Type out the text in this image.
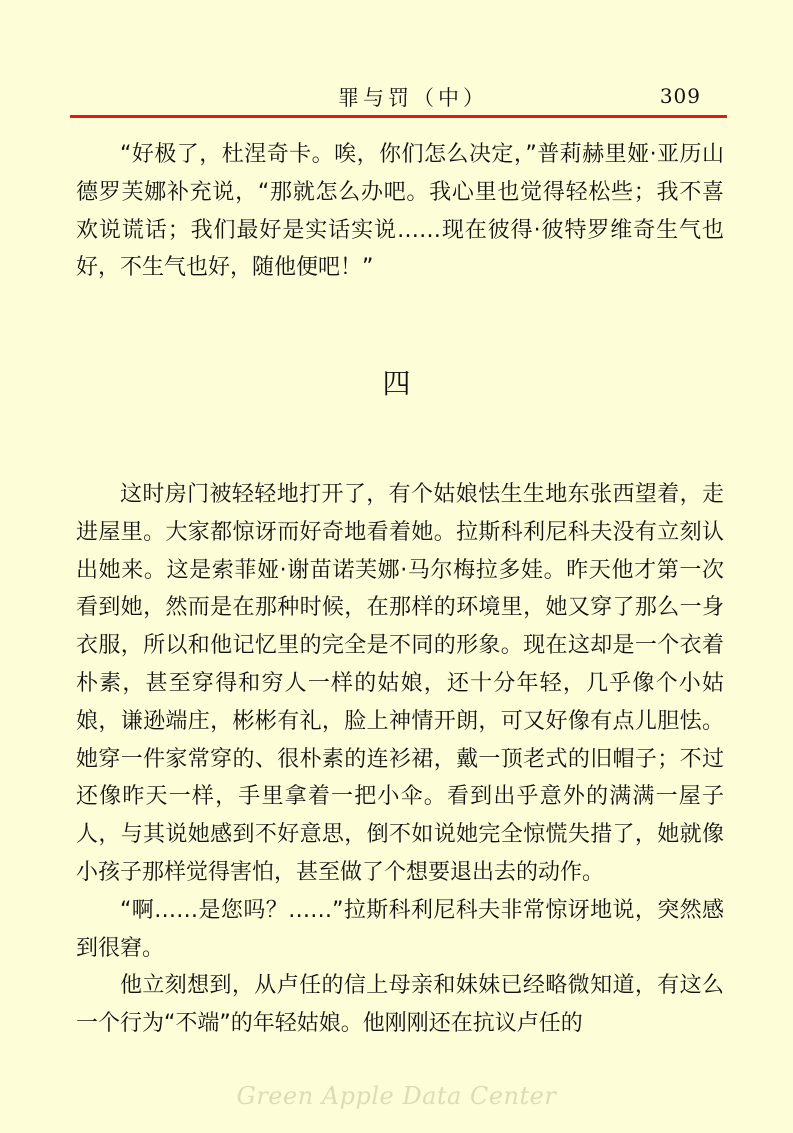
罪与罚（中）	309

“好极了，杜涅奇卡。唉，你们怎么决定，”普莉赫里娅·亚历山德罗芙娜补充说，“那就怎么办吧。我心里也觉得轻松些；我不喜欢说谎话；我们最好是实话实说……现在彼得·彼特罗维奇生气也好，不生气也好，随他便吧！”

四

这时房门被轻轻地打开了，有个姑娘怯生生地东张西望着，走进屋里。大家都惊讶而好奇地看着她。拉斯科利尼科夫没有立刻认出她来。这是索菲娅·谢苗诺芙娜·马尔梅拉多娃。昨天他才第一次看到她，然而是在那种时候，在那样的环境里，她又穿了那么一身衣服，所以和他记忆里的完全是不同的形象。现在这却是一个衣着朴素，甚至穿得和穷人一样的姑娘，还十分年轻，几乎像个小姑娘，谦逊端庄，彬彬有礼，脸上神情开朗，可又好像有点儿胆怯。她穿一件家常穿的、很朴素的连衫裙，戴一顶老式的旧帽子；不过还像昨天一样，手里拿着一把小伞。看到出乎意外的满满一屋子人，与其说她感到不好意思，倒不如说她完全惊慌失措了，她就像小孩子那样觉得害怕，甚至做了个想要退出去的动作。

“啊……是您吗？……”拉斯科利尼科夫非常惊讶地说，突然感到很窘。

他立刻想到，从卢任的信上母亲和妹妹已经略微知道，有这么一个行为“不端”的年轻姑娘。他刚刚还在抗议卢任的

Green Apple Data Center
